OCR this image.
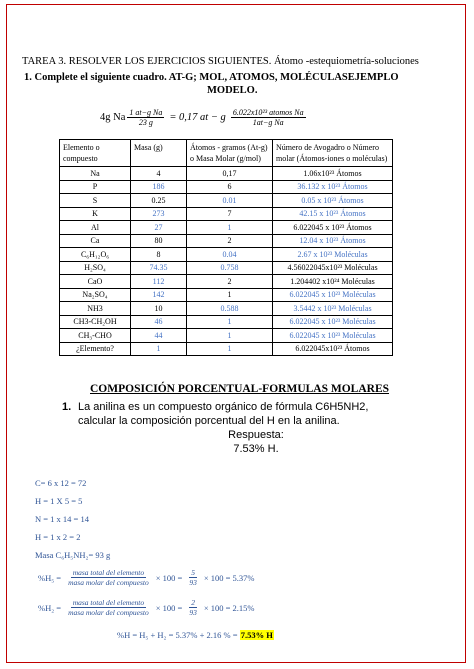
TAREA 3. RESOLVER LOS EJERCICIOS SIGUIENTES. Átomo -estequiometría-soluciones
1. Complete el siguiente cuadro. AT-G; MOL, ATOMOS, MOLÉCULASEJEMPLO
MODELO.
4g Na $\frac{\text{1 at−g Na}}{23 g} = 0,17$ at − g $\frac{\text{6.022x10²³ atomos Na}}{\text{1at−g Na}}$
Elemento o compuesto	Masa (g)	Átomos - gramos (At-g) o Masa Molar (g/mol)	Número de Avogadro o Número molar (Átomos-iones o moléculas)
Na	4	0,17	1.06x10²³ Átomos
P	186	6	36.132 x 10²³ Átomos
S	0.25	0.01	0.05 x 10²³ Átomos
K	273	7	42.15 x 10²³ Átomos
Al	27	1	6.022045 x 10²³ Átomos
Ca	80	2	12.04 x 10²³ Átomos
C₆H₁₂O₆	8	0.04	2.67 x 10²³ Moléculas
H₂SO₄	74.35	0.758	4.56022045x10²³ Moléculas
CaO	112	2	1.204402 x10²⁴ Moléculas
Na₂SO₄	142	1	6.022045 x 10²³ Moléculas
NH3	10	0.588	3.5442 x 10²³ Moléculas
CH3-CH₂OH	46	1	6.022045 x 10²³ Moléculas
CH₃-CHO	44	1	6.022045 x 10²³ Moléculas
¿Elemento?	1	1	6.022045x10²³ Átomos
COMPOSICIÓN PORCENTUAL-FORMULAS MOLARES
1. La anilina es un compuesto orgánico de fórmula C6H5NH2,
calcular la composición porcentual del H en la anilina.
Respuesta:
7.53% H.
C= 6 x 12 = 72
H = 1 X 5 = 5
N = 1 x 14 = 14
H = 1 x 2 = 2
Masa C₆H₅NH₂= 93 g
$\%H_5 = \frac{\text{masa total del elemento}}{\text{masa molar del compuesto}} \times 100 = \frac{5}{93} \times 100 = 5.37\%$
$\%H_2 = \frac{\text{masa total del elemento}}{\text{masa molar del compuesto}} \times 100 = \frac{2}{93} \times 100 = 2.15\%$
%H = H₅ + H₂ = 5.37% + 2.16 % = 7.53% H
